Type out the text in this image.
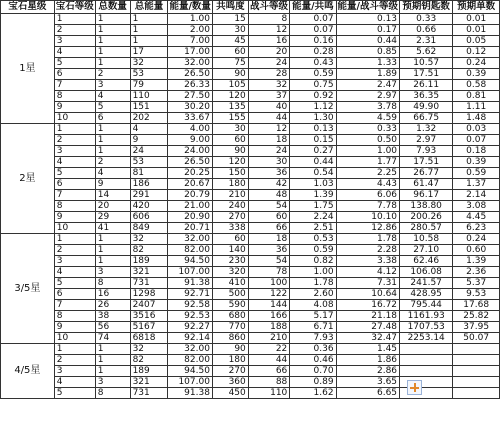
宝石星级	宝石等级	总数量	总能量	能量/数量	共鸣度	战斗等级	能量/共鸣	能量/战斗等级	预期钥匙数	预期单数
1星	1	1	1	1.00	15	8	0.07	0.13	0.33	0.01
	2	1	1	2.00	30	12	0.07	0.17	0.66	0.01
	3	1	1	7.00	45	16	0.16	0.44	2.31	0.05
	4	1	17	17.00	60	20	0.28	0.85	5.62	0.12
	5	1	32	32.00	75	24	0.43	1.33	10.57	0.24
	6	2	53	26.50	90	28	0.59	1.89	17.51	0.39
	7	3	79	26.33	105	32	0.75	2.47	26.11	0.58
	8	4	110	27.50	120	37	0.92	2.97	36.35	0.81
	9	5	151	30.20	135	40	1.12	3.78	49.90	1.11
	10	6	202	33.67	155	44	1.30	4.59	66.75	1.48
2星	1	1	4	4.00	30	12	0.13	0.33	1.32	0.03
	2	1	9	9.00	60	18	0.15	0.50	2.97	0.07
	3	1	24	24.00	90	24	0.27	1.00	7.93	0.18
	4	2	53	26.50	120	30	0.44	1.77	17.51	0.39
	5	4	81	20.25	150	36	0.54	2.25	26.77	0.59
	6	9	186	20.67	180	42	1.03	4.43	61.47	1.37
	7	14	291	20.79	210	48	1.39	6.06	96.17	2.14
	8	20	420	21.00	240	54	1.75	7.78	138.80	3.08
	9	29	606	20.90	270	60	2.24	10.10	200.26	4.45
	10	41	849	20.71	338	66	2.51	12.86	280.57	6.23
3/5星	1	1	32	32.00	60	18	0.53	1.78	10.58	0.24
	2	1	82	82.00	140	36	0.59	2.28	27.10	0.60
	3	1	189	94.50	230	54	0.82	3.38	62.46	1.39
	4	3	321	107.00	320	78	1.00	4.12	106.08	2.36
	5	8	731	91.38	410	100	1.78	7.31	241.57	5.37
	6	16	1298	92.71	500	122	2.60	10.64	428.95	9.53
	7	26	2407	92.58	590	144	4.08	16.72	795.44	17.68
	8	38	3516	92.53	680	166	5.17	21.18	1161.93	25.82
	9	56	5167	92.27	770	188	6.71	27.48	1707.53	37.95
	10	74	6818	92.14	860	210	7.93	32.47	2253.14	50.07
4/5星	1	1	32	32.00	90	22	0.36	1.45		
	2	1	82	82.00	180	44	0.46	1.86		
	3	1	189	94.50	270	66	0.70	2.86		
	4	3	321	107.00	360	88	0.89	3.65		
	5	8	731	91.38	450	110	1.62	6.65		
